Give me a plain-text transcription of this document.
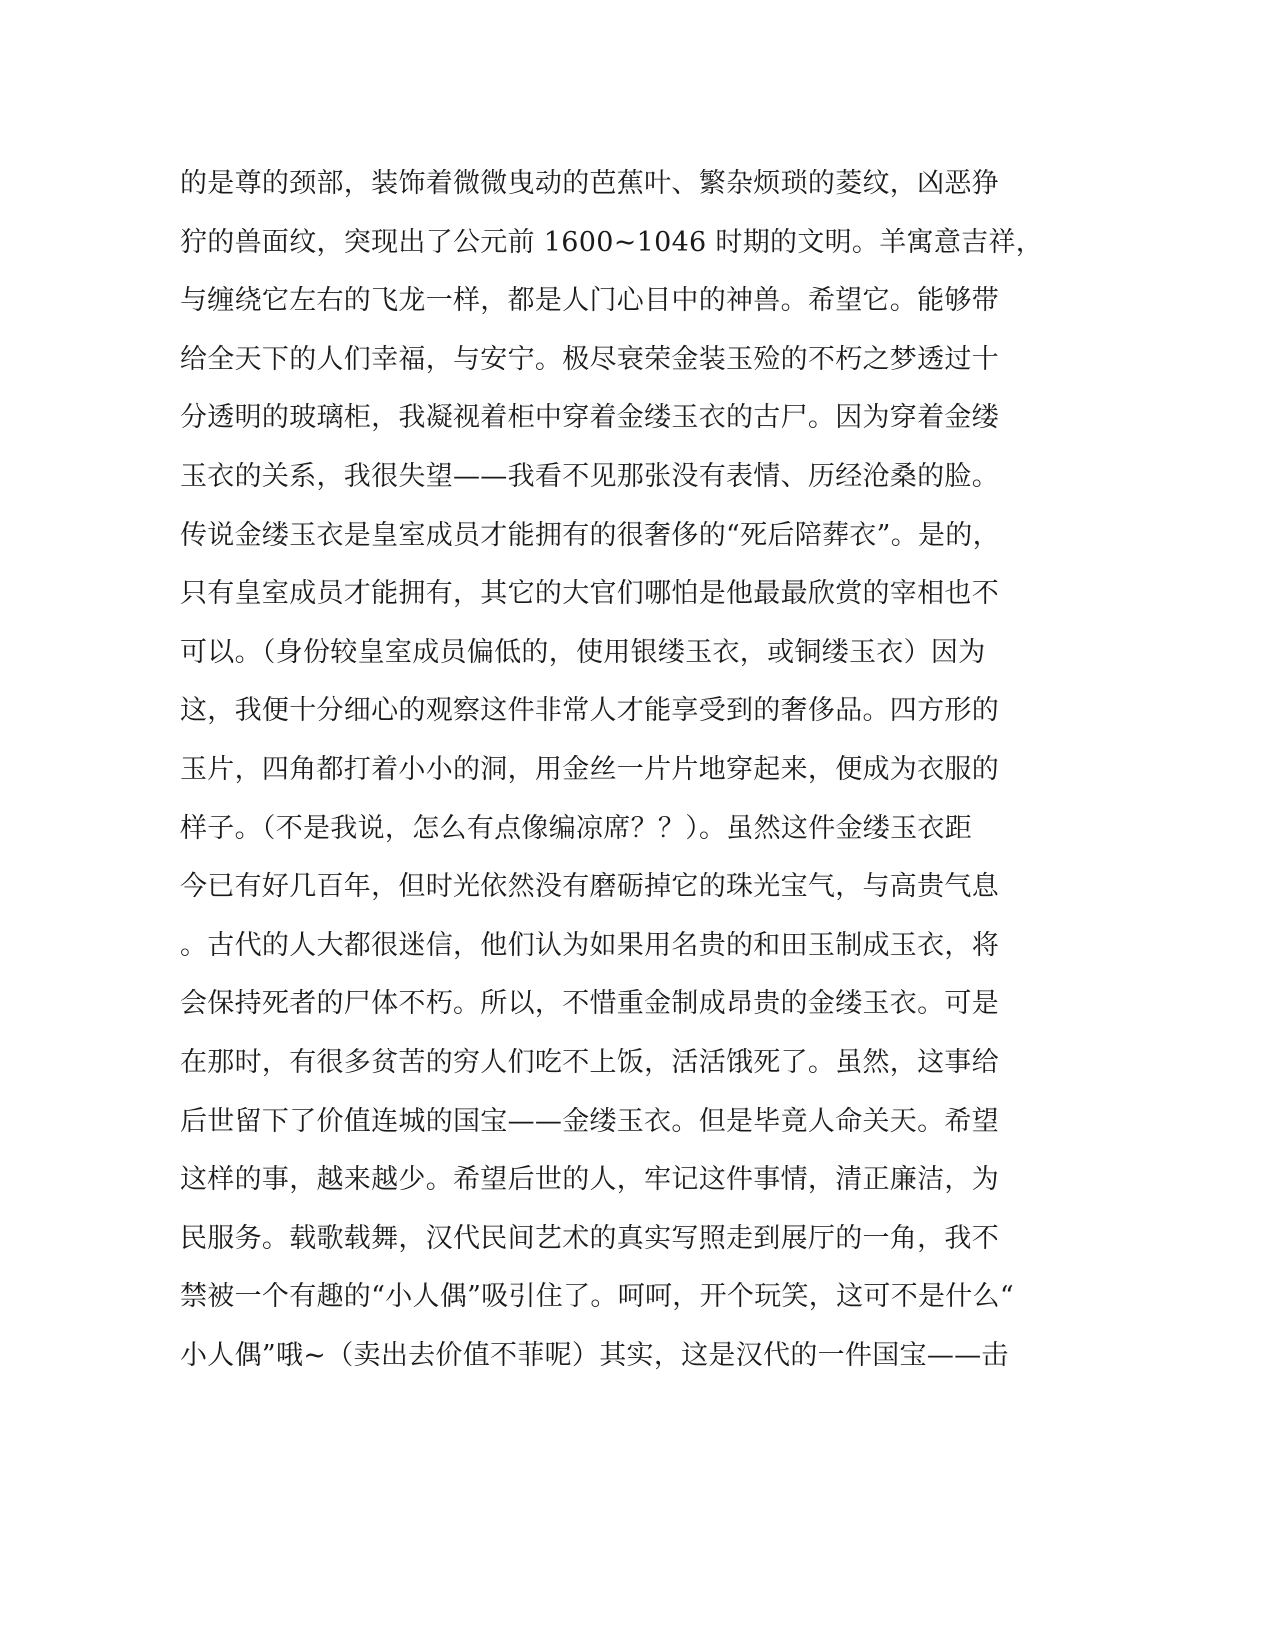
的是尊的颈部，装饰着微微曳动的芭蕉叶、繁杂烦琐的菱纹，凶恶狰
狞的兽面纹，突现出了公元前 1600~1046 时期的文明。羊寓意吉祥，
与缠绕它左右的飞龙一样，都是人门心目中的神兽。希望它。能够带
给全天下的人们幸福，与安宁。极尽衰荣金装玉殓的不朽之梦透过十
分透明的玻璃柜，我凝视着柜中穿着金缕玉衣的古尸。因为穿着金缕
玉衣的关系，我很失望——我看不见那张没有表情、历经沧桑的脸。
传说金缕玉衣是皇室成员才能拥有的很奢侈的“死后陪葬衣”。是的，
只有皇室成员才能拥有，其它的大官们哪怕是他最最欣赏的宰相也不
可以。（身份较皇室成员偏低的，使用银缕玉衣，或铜缕玉衣）因为
这，我便十分细心的观察这件非常人才能享受到的奢侈品。四方形的
玉片，四角都打着小小的洞，用金丝一片片地穿起来，便成为衣服的
样子。（不是我说，怎么有点像编凉席？？）。虽然这件金缕玉衣距
今已有好几百年，但时光依然没有磨砺掉它的珠光宝气，与高贵气息
。古代的人大都很迷信，他们认为如果用名贵的和田玉制成玉衣，将
会保持死者的尸体不朽。所以，不惜重金制成昂贵的金缕玉衣。可是
在那时，有很多贫苦的穷人们吃不上饭，活活饿死了。虽然，这事给
后世留下了价值连城的国宝——金缕玉衣。但是毕竟人命关天。希望
这样的事，越来越少。希望后世的人，牢记这件事情，清正廉洁，为
民服务。载歌载舞，汉代民间艺术的真实写照走到展厅的一角，我不
禁被一个有趣的“小人偶”吸引住了。呵呵，开个玩笑，这可不是什么“
小人偶”哦~（卖出去价值不菲呢）其实，这是汉代的一件国宝——击
